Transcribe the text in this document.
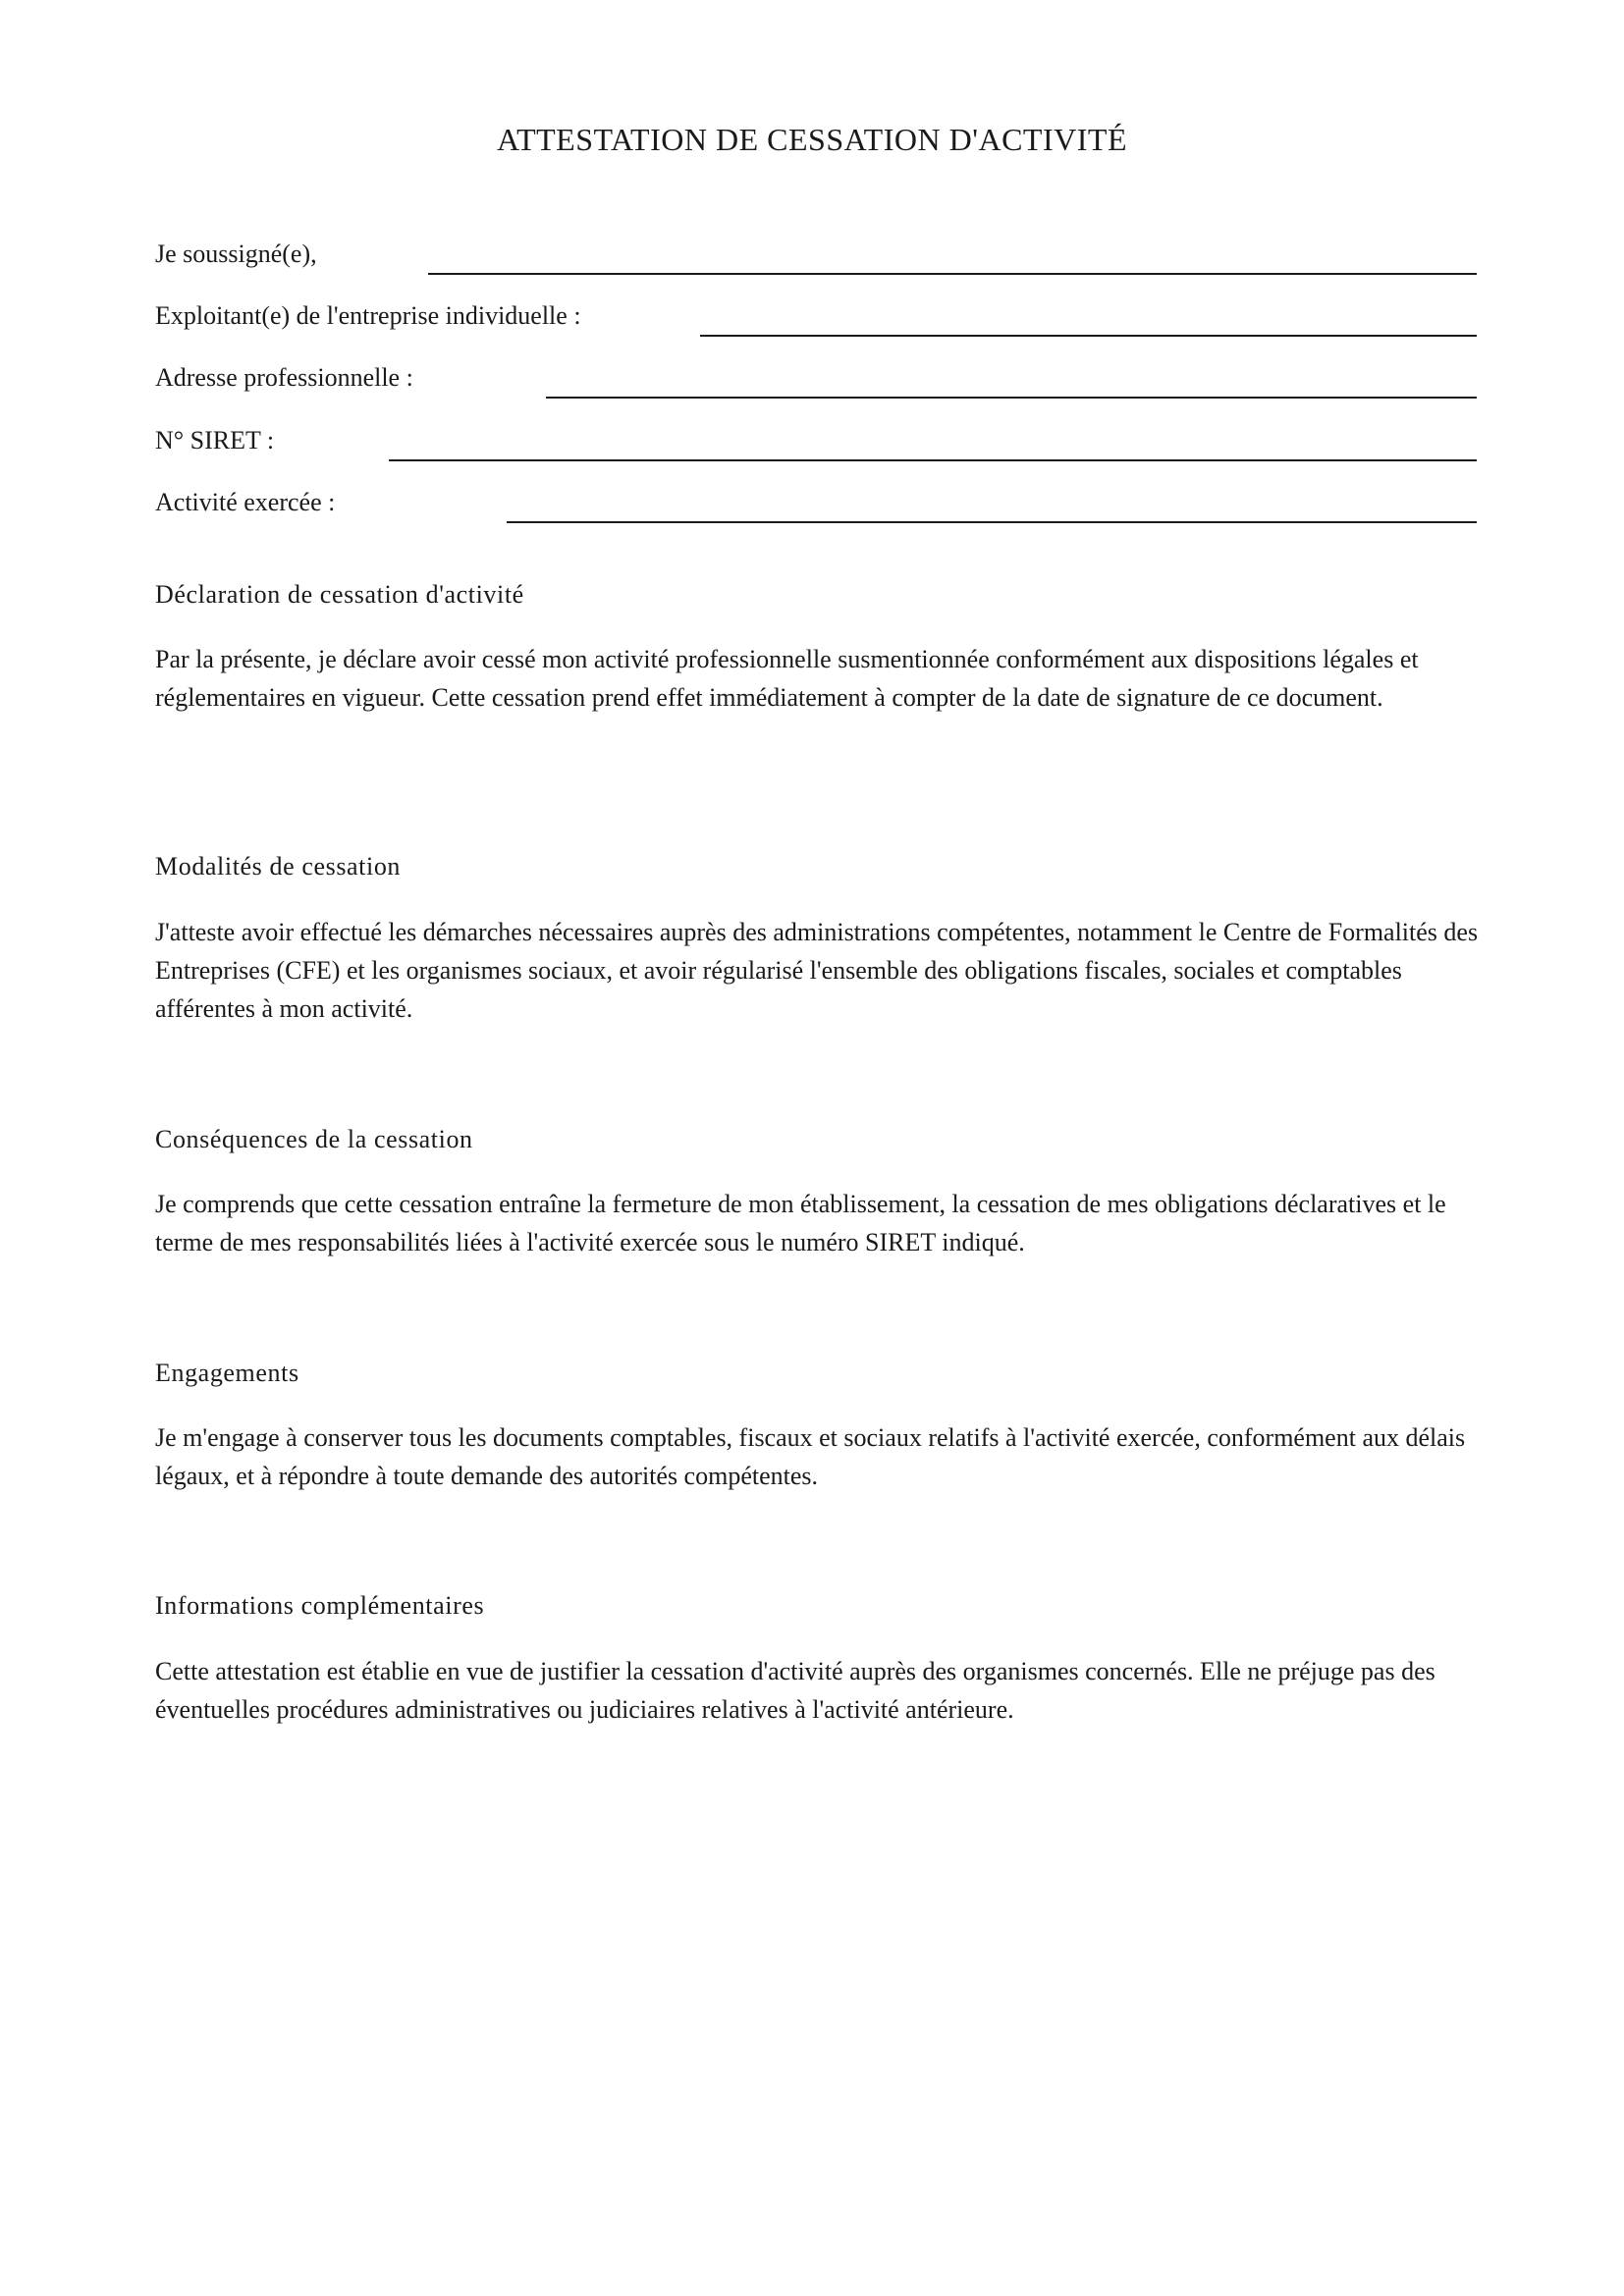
ATTESTATION DE CESSATION D'ACTIVITÉ
Je soussigné(e),
Exploitant(e) de l'entreprise individuelle :
Adresse professionnelle :
N° SIRET :
Activité exercée :
Déclaration de cessation d'activité

Par la présente, je déclare avoir cessé mon activité professionnelle susmentionnée conformément aux dispositions légales et réglementaires en vigueur. Cette cessation prend effet immédiatement à compter de la date de signature de ce document.

Modalités de cessation

J'atteste avoir effectué les démarches nécessaires auprès des administrations compétentes, notamment le Centre de Formalités des Entreprises (CFE) et les organismes sociaux, et avoir régularisé l'ensemble des obligations fiscales, sociales et comptables afférentes à mon activité.

Conséquences de la cessation

Je comprends que cette cessation entraîne la fermeture de mon établissement, la cessation de mes obligations déclaratives et le terme de mes responsabilités liées à l'activité exercée sous le numéro SIRET indiqué.

Engagements

Je m'engage à conserver tous les documents comptables, fiscaux et sociaux relatifs à l'activité exercée, conformément aux délais légaux, et à répondre à toute demande des autorités compétentes.

Informations complémentaires

Cette attestation est établie en vue de justifier la cessation d'activité auprès des organismes concernés. Elle ne préjuge pas des éventuelles procédures administratives ou judiciaires relatives à l'activité antérieure.
